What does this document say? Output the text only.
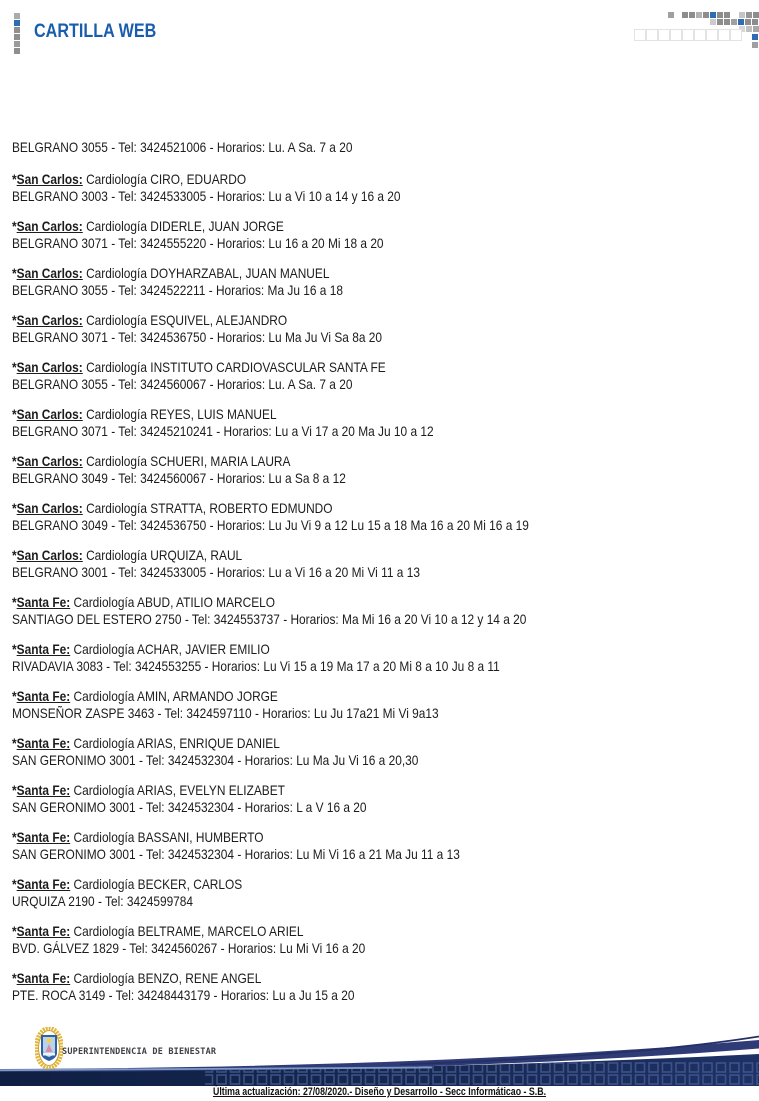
CARTILLA WEB
BELGRANO 3055 - Tel: 3424521006 - Horarios: Lu. A Sa. 7 a 20
*San Carlos: Cardiología CIRO, EDUARDO
BELGRANO 3003 - Tel: 3424533005 - Horarios: Lu a Vi 10 a 14 y 16 a 20
*San Carlos: Cardiología DIDERLE, JUAN JORGE
BELGRANO 3071 - Tel: 3424555220 - Horarios: Lu 16 a 20 Mi 18 a 20
*San Carlos: Cardiología DOYHARZABAL, JUAN MANUEL
BELGRANO 3055 - Tel: 3424522211 - Horarios: Ma Ju 16 a 18
*San Carlos: Cardiología ESQUIVEL, ALEJANDRO
BELGRANO 3071 - Tel: 3424536750 - Horarios: Lu Ma Ju Vi Sa 8a 20
*San Carlos: Cardiología INSTITUTO CARDIOVASCULAR SANTA FE
BELGRANO 3055 - Tel: 3424560067 - Horarios: Lu. A Sa. 7 a 20
*San Carlos: Cardiología REYES, LUIS MANUEL
BELGRANO 3071 - Tel: 34245210241 - Horarios: Lu a Vi 17 a 20 Ma Ju 10 a 12
*San Carlos: Cardiología SCHUERI, MARIA LAURA
BELGRANO 3049 - Tel: 3424560067 - Horarios: Lu a Sa 8 a 12
*San Carlos: Cardiología STRATTA, ROBERTO EDMUNDO
BELGRANO 3049 - Tel: 3424536750 - Horarios: Lu Ju Vi 9 a 12 Lu 15 a 18 Ma 16 a 20 Mi 16 a 19
*San Carlos: Cardiología URQUIZA, RAUL
BELGRANO 3001 - Tel: 3424533005 - Horarios: Lu a Vi 16 a 20 Mi Vi 11 a 13
*Santa Fe: Cardiología ABUD, ATILIO MARCELO
SANTIAGO DEL ESTERO 2750 - Tel: 3424553737 - Horarios: Ma Mi 16 a 20 Vi 10 a 12 y 14 a 20
*Santa Fe: Cardiología ACHAR, JAVIER EMILIO
RIVADAVIA 3083 - Tel: 3424553255 - Horarios: Lu Vi 15 a 19 Ma 17 a 20 Mi 8 a 10 Ju 8 a 11
*Santa Fe: Cardiología AMIN, ARMANDO JORGE
MONSEÑOR ZASPE 3463 - Tel: 3424597110 - Horarios: Lu Ju 17a21 Mi Vi 9a13
*Santa Fe: Cardiología ARIAS, ENRIQUE DANIEL
SAN GERONIMO 3001 - Tel: 3424532304 - Horarios: Lu Ma Ju Vi 16 a 20,30
*Santa Fe: Cardiología ARIAS, EVELYN ELIZABET
SAN GERONIMO 3001 - Tel: 3424532304 - Horarios: L a V 16 a 20
*Santa Fe: Cardiología BASSANI, HUMBERTO
SAN GERONIMO 3001 - Tel: 3424532304 - Horarios: Lu Mi Vi 16 a 21 Ma Ju 11 a 13
*Santa Fe: Cardiología BECKER, CARLOS
URQUIZA 2190 - Tel: 3424599784
*Santa Fe: Cardiología BELTRAME, MARCELO ARIEL
BVD. GÁLVEZ 1829 - Tel: 3424560267 - Horarios: Lu Mi Vi 16 a 20
*Santa Fe: Cardiología BENZO, RENE ANGEL
PTE. ROCA 3149 - Tel: 34248443179 - Horarios: Lu a Ju 15 a 20
SUPERINTENDENCIA DE BIENESTAR
Última actualización: 27/08/2020.- Diseño y Desarrollo - Secc Informáticao - S.B.
